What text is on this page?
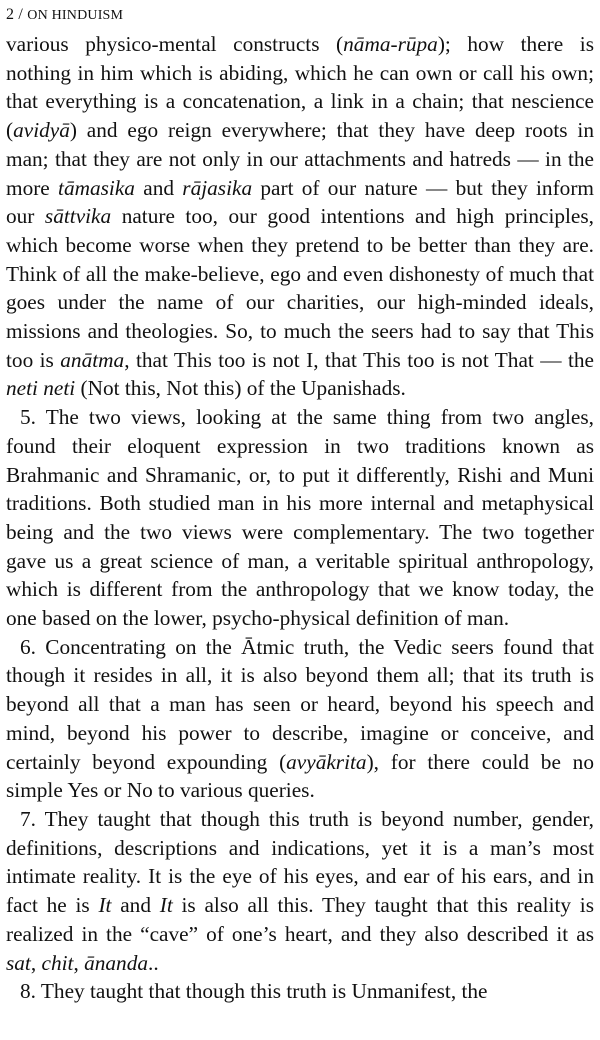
2 / ON HINDUISM

various physico-mental constructs (nāma-rūpa); how there is nothing in him which is abiding, which he can own or call his own; that everything is a concatenation, a link in a chain; that nescience (avidyā) and ego reign everywhere; that they have deep roots in man; that they are not only in our attachments and hatreds — in the more tāmasika and rājasika part of our nature — but they inform our sāttvika nature too, our good intentions and high principles, which become worse when they pretend to be better than they are. Think of all the make-believe, ego and even dishonesty of much that goes under the name of our charities, our high-minded ideals, missions and theologies. So, to much the seers had to say that This too is anātma, that This too is not I, that This too is not That — the neti neti (Not this, Not this) of the Upanishads.

5. The two views, looking at the same thing from two angles, found their eloquent expression in two traditions known as Brahmanic and Shramanic, or, to put it differently, Rishi and Muni traditions. Both studied man in his more internal and metaphysical being and the two views were complementary. The two together gave us a great science of man, a veritable spiritual anthropology, which is different from the anthropology that we know today, the one based on the lower, psycho-physical definition of man.

6. Concentrating on the Ātmic truth, the Vedic seers found that though it resides in all, it is also beyond them all; that its truth is beyond all that a man has seen or heard, beyond his speech and mind, beyond his power to describe, imagine or conceive, and certainly beyond expounding (avyākrita), for there could be no simple Yes or No to various queries.

7. They taught that though this truth is beyond number, gender, definitions, descriptions and indications, yet it is a man’s most intimate reality. It is the eye of his eyes, and ear of his ears, and in fact he is It and It is also all this. They taught that this reality is realized in the “cave” of one’s heart, and they also described it as sat, chit, ānanda..

8. They taught that though this truth is Unmanifest, the
